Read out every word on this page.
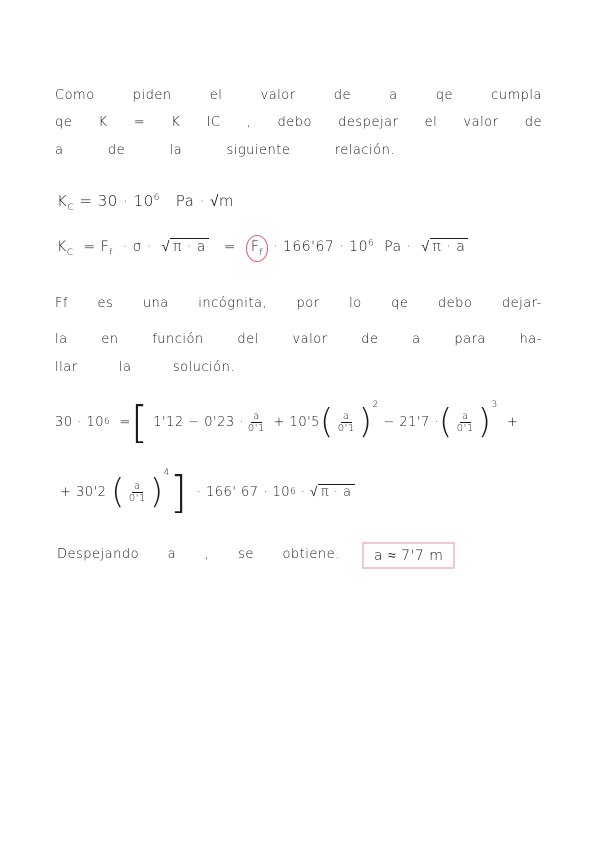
Como	piden	el	valor	de	a	qe	cumpla
qe K = K IC , debo despejar el valor de
a	de	la	siguiente	relación.
$K_C = 30 \cdot 10^6$ Pa · √m
$K_C = F_f \cdot \sigma$ ·  √ $\pi \cdot a = F_f \cdot 166'67 \cdot 10^6$ Pa ·  √ π · a
Ff es una incógnita, por lo qe debo dejar-
la	en	función	del	valor	de	a	para	ha-
llar	la	solución.
30 · 10 6
= [
$1'12 - 0'23 \cdot \frac{a}{0'1}$
+ 10'5 ( $\frac{a}{0'1} )^2$

− 21'7 · ( $\frac{a}{0'1} )^3$

+
+ 30'2
( $\frac{a}{0'1} )^4$ ]
· 166' 67 · 10 6
· √ π · a
Despejando a , se obtiene.	a ≈ 7'7 m
